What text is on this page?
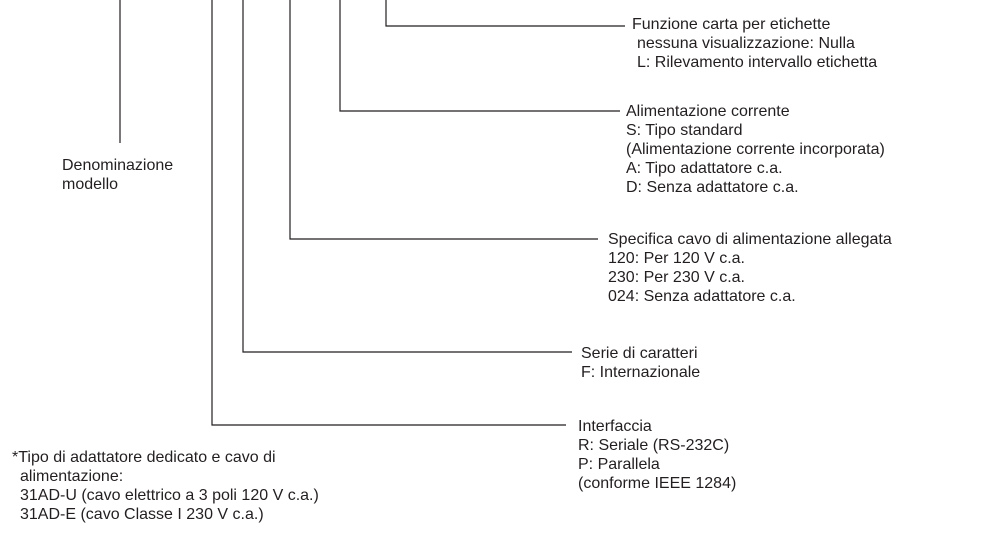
Denominazione
modello
Funzione carta per etichette
nessuna visualizzazione: Nulla
L: Rilevamento intervallo etichetta
Alimentazione corrente
S: Tipo standard
(Alimentazione corrente incorporata)
A: Tipo adattatore c.a.
D: Senza adattatore c.a.
Specifica cavo di alimentazione allegata
120: Per 120 V c.a.
230: Per 230 V c.a.
024: Senza adattatore c.a.
Serie di caratteri
F: Internazionale
Interfaccia
R: Seriale (RS-232C)
P: Parallela
(conforme IEEE 1284)
*Tipo di adattatore dedicato e cavo di
alimentazione:
31AD-U (cavo elettrico a 3 poli 120 V c.a.)
31AD-E (cavo Classe I 230 V c.a.)
